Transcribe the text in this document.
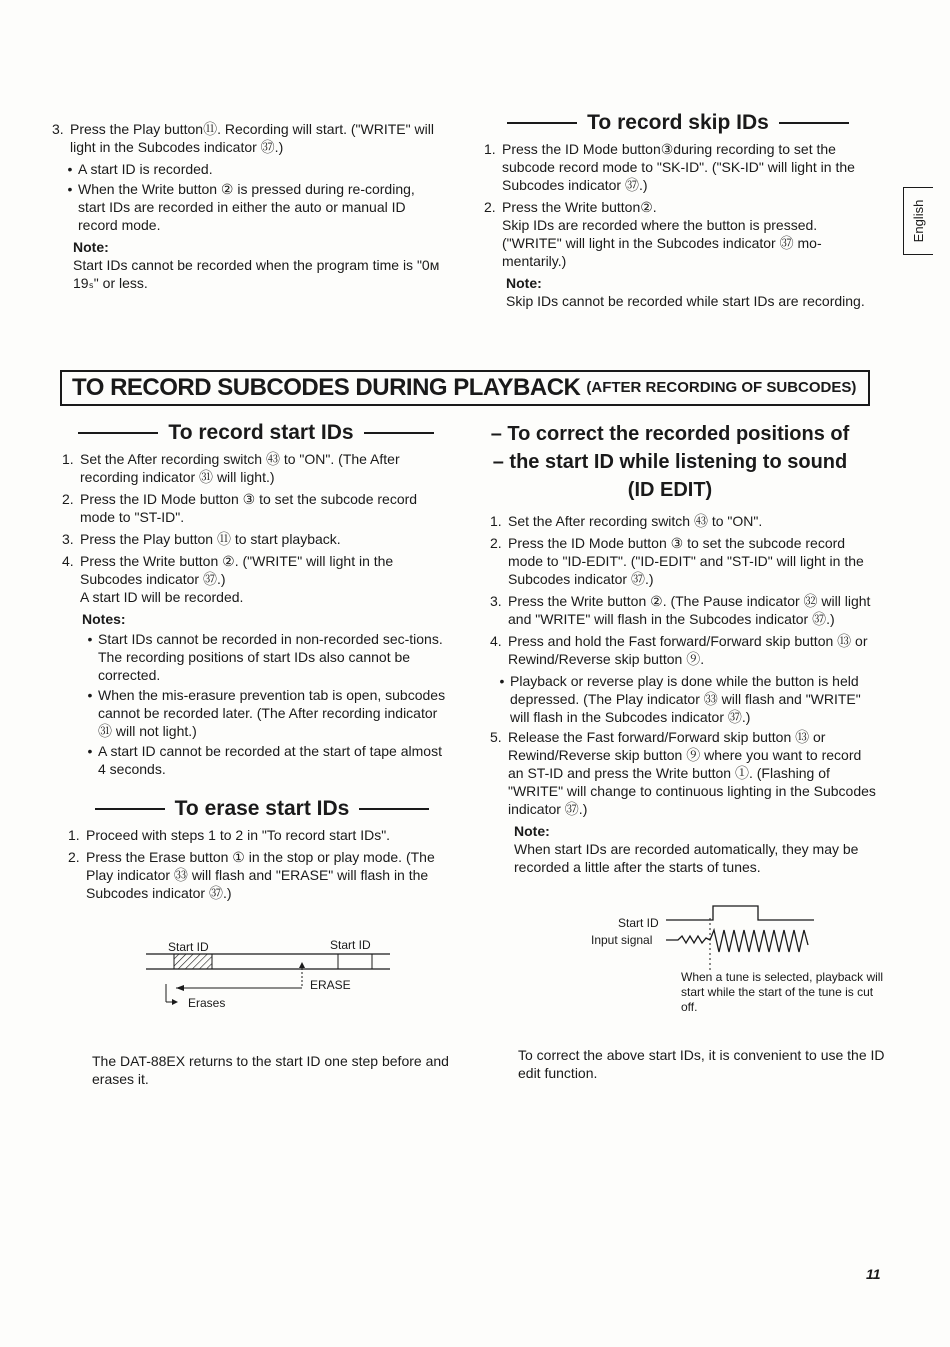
English
3. Press the Play button⑪. Recording will start. ("WRITE" will light in the Subcodes indicator ㊲.)
• A start ID is recorded.
• When the Write button ② is pressed during re-cording, start IDs are recorded in either the auto or manual ID record mode.

Note:

Start IDs cannot be recorded when the program time is "0ᴍ 19ₛ" or less.

To record skip IDs
1. Press the ID Mode button③during recording to set the subcode record mode to "SK-ID". ("SK-ID" will light in the Subcodes indicator ㊲.)
2. Press the Write button②.
Skip IDs are recorded where the button is pressed. ("WRITE" will light in the Subcodes indicator ㊲ mo-mentarily.)

Note:

Skip IDs cannot be recorded while start IDs are recording.

TO RECORD SUBCODES DURING PLAYBACK (AFTER RECORDING OF SUBCODES)
To record start IDs
1. Set the After recording switch ㊸ to "ON". (The After recording indicator ㉛ will light.)
2. Press the ID Mode button ③ to set the subcode record mode to "ST-ID".
3. Press the Play button ⑪ to start playback.
4. Press the Write button ②. ("WRITE" will light in the Subcodes indicator ㊲.)
A start ID will be recorded.

Notes:

• Start IDs cannot be recorded in non-recorded sec-tions. The recording positions of start IDs also cannot be corrected.
• When the mis-erasure prevention tab is open, subcodes cannot be recorded later. (The After recording indicator ㉛ will not light.)
• A start ID cannot be recorded at the start of tape almost 4 seconds.
To erase start IDs
1. Proceed with steps 1 to 2 in "To record start IDs".
2. Press the Erase button ① in the stop or play mode. (The Play indicator ㉝ will flash and "ERASE" will flash in the Subcodes indicator ㊲.)
Start ID	Start ID
ERASE
Erases

The DAT-88EX returns to the start ID one step before and erases it.

– To correct the recorded positions of – the start ID while listening to sound (ID EDIT)
1. Set the After recording switch ㊸ to "ON".
2. Press the ID Mode button ③ to set the subcode record mode to "ID-EDIT". ("ID-EDIT" and "ST-ID" will light in the Subcodes indicator ㊲.)
3. Press the Write button ②. (The Pause indicator ㉜ will light and "WRITE" will flash in the Subcodes indicator ㊲.)
4. Press and hold the Fast forward/Forward skip button ⑬ or Rewind/Reverse skip button ⑨.
• Playback or reverse play is done while the button is held depressed. (The Play indicator ㉝ will flash and "WRITE" will flash in the Subcodes indicator ㊲.)
5. Release the Fast forward/Forward skip button ⑬ or Rewind/Reverse skip button ⑨ where you want to record an ST-ID and press the Write button ①. (Flashing of "WRITE" will change to continuous lighting in the Subcodes indicator ㊲.)

Note:

When start IDs are recorded automatically, they may be recorded a little after the starts of tunes.

Start ID
Input signal

When a tune is selected, playback will start while the start of the tune is cut off.

To correct the above start IDs, it is convenient to use the ID edit function.

11
